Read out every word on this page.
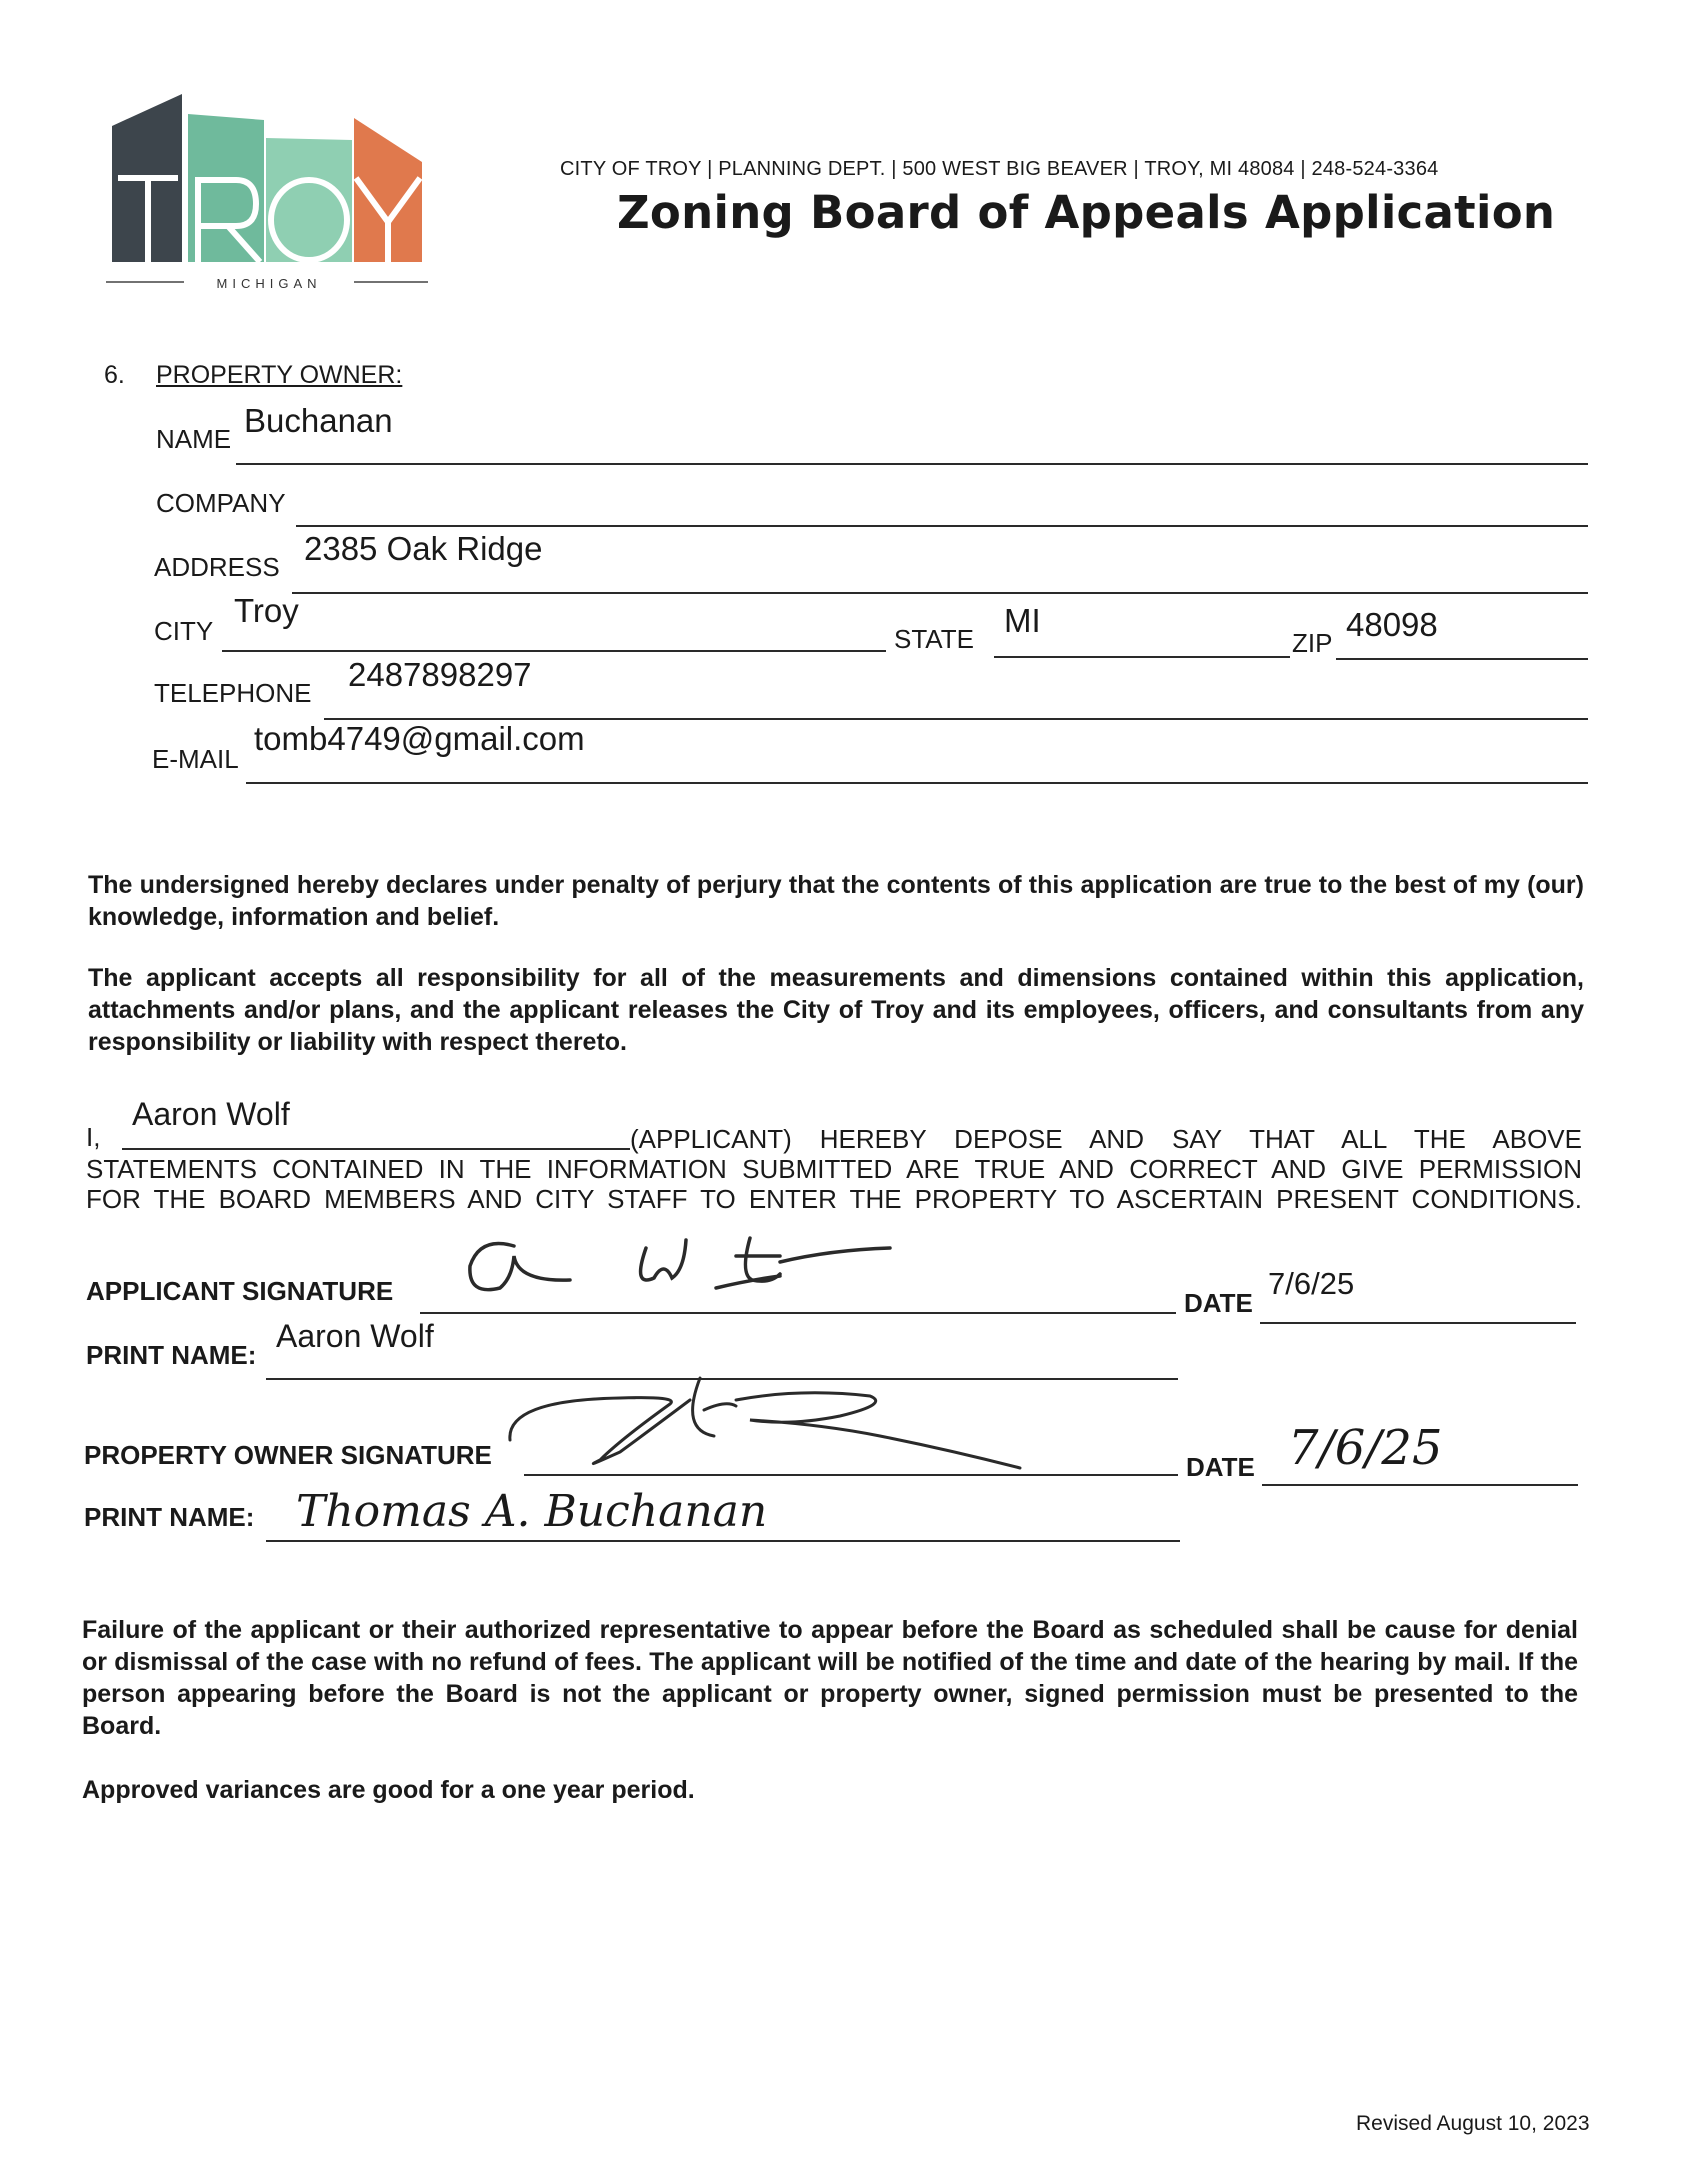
MICHIGAN
CITY OF TROY | PLANNING DEPT. | 500 WEST BIG BEAVER | TROY, MI 48084 | 248-524-3364
Zoning Board of Appeals Application
6. PROPERTY OWNER:
NAME Buchanan
COMPANY
ADDRESS 2385 Oak Ridge
CITY
Troy
STATE MI
ZIP 48098
TELEPHONE 2487898297
E-MAIL
tomb4749@gmail.com
The undersigned hereby declares under penalty of perjury that the contents of this application are true to the best of my (our) knowledge, information and belief.
The applicant accepts all responsibility for all of the measurements and dimensions contained within this application, attachments and/or plans, and the applicant releases the City of Troy and its employees, officers, and consultants from any responsibility or liability with respect thereto.
I,
Aaron Wolf
(APPLICANT) HEREBY DEPOSE AND SAY THAT ALL THE ABOVE
STATEMENTS CONTAINED IN THE INFORMATION SUBMITTED ARE TRUE AND CORRECT AND GIVE PERMISSION
FOR THE BOARD MEMBERS AND CITY STAFF TO ENTER THE PROPERTY TO ASCERTAIN PRESENT CONDITIONS.
APPLICANT SIGNATURE	DATE
7/6/25
PRINT NAME:
Aaron Wolf
PROPERTY OWNER SIGNATURE	DATE 7/6/25
PRINT NAME: Thomas A. Buchanan
Failure of the applicant or their authorized representative to appear before the Board as scheduled shall be cause for denial or dismissal of the case with no refund of fees. The applicant will be notified of the time and date of the hearing by mail. If the person appearing before the Board is not the applicant or property owner, signed permission must be presented to the Board.
Approved variances are good for a one year period.
Revised August 10, 2023
